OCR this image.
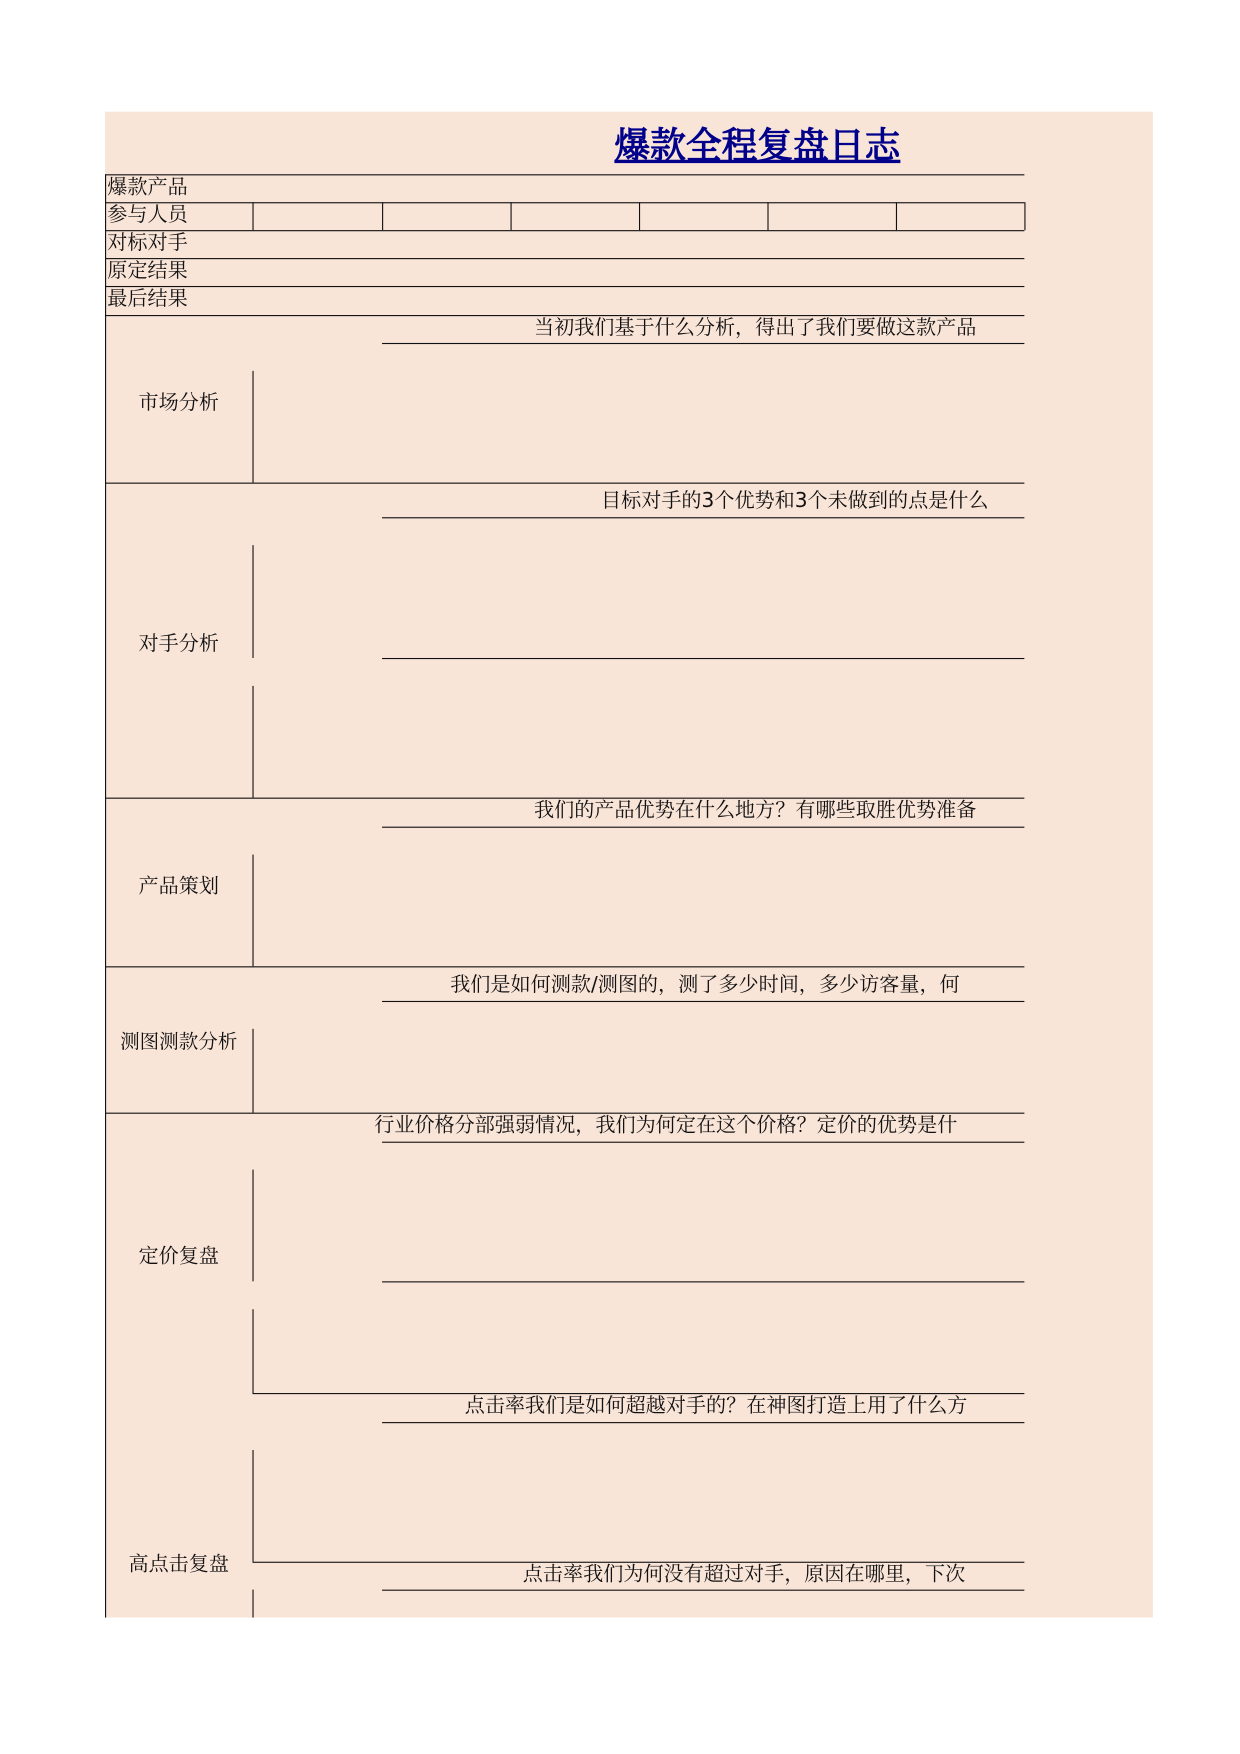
爆款全程复盘日志
爆款产品
参与人员
对标对手
原定结果
最后结果
当初我们基于什么分析，得出了我们要做这款产品
市场分析
目标对手的3个优势和3个未做到的点是什么
对手分析
我们的产品优势在什么地方？有哪些取胜优势准备
产品策划
我们是如何测款/测图的，测了多少时间，多少访客量，何
测图测款分析
行业价格分部强弱情况，我们为何定在这个价格？定价的优势是什
定价复盘
点击率我们是如何超越对手的？在神图打造上用了什么方
点击率我们为何没有超过对手，原因在哪里，下次
高点击复盘
